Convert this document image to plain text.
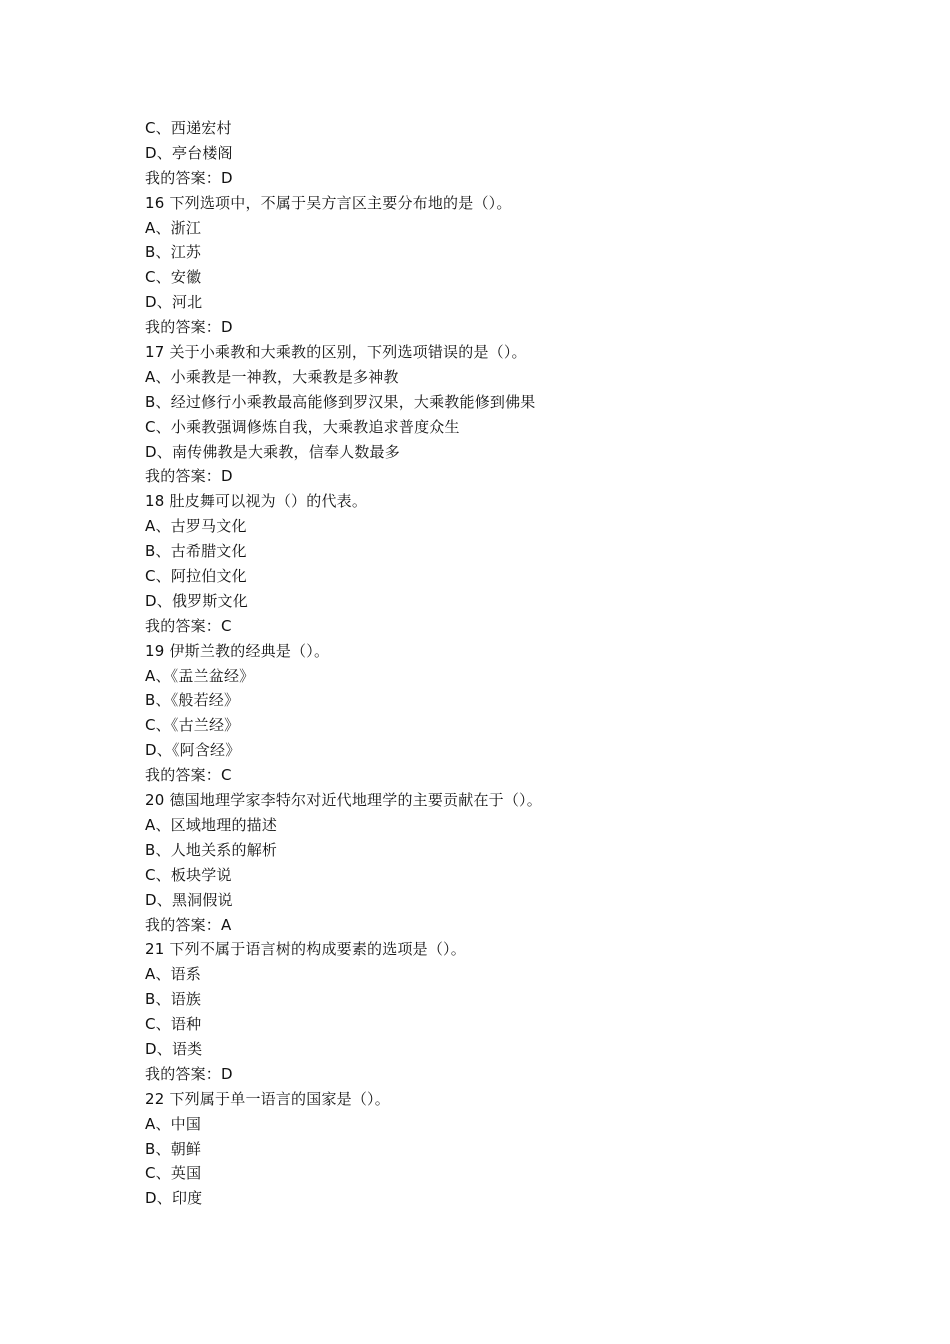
C、西递宏村
D、亭台楼阁
我的答案：D
16 下列选项中，不属于吴方言区主要分布地的是（）。
A、浙江
B、江苏
C、安徽
D、河北
我的答案：D
17 关于小乘教和大乘教的区别，下列选项错误的是（）。
A、小乘教是一神教，大乘教是多神教
B、经过修行小乘教最高能修到罗汉果，大乘教能修到佛果
C、小乘教强调修炼自我，大乘教追求普度众生
D、南传佛教是大乘教，信奉人数最多
我的答案：D
18 肚皮舞可以视为（）的代表。
A、古罗马文化
B、古希腊文化
C、阿拉伯文化
D、俄罗斯文化
我的答案：C
19 伊斯兰教的经典是（）。
A、《盂兰盆经》
B、《般若经》
C、《古兰经》
D、《阿含经》
我的答案：C
20 德国地理学家李特尔对近代地理学的主要贡献在于（）。
A、区域地理的描述
B、人地关系的解析
C、板块学说
D、黑洞假说
我的答案：A
21 下列不属于语言树的构成要素的选项是（）。
A、语系
B、语族
C、语种
D、语类
我的答案：D
22 下列属于单一语言的国家是（）。
A、中国
B、朝鲜
C、英国
D、印度
